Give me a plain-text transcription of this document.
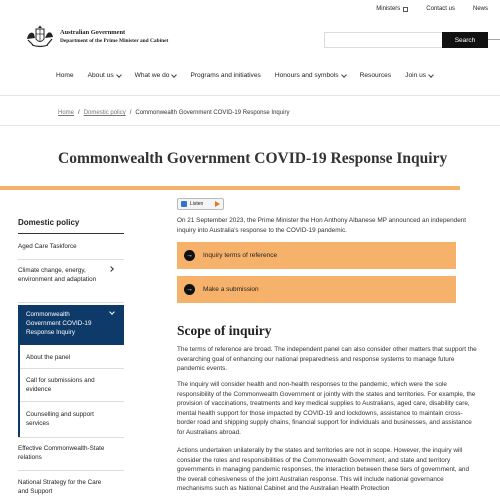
Ministers	Contact us	News
Australian Government
Department of the Prime Minister and Cabinet	Search
Home About us	What we do	Programs and initiatives Honours and symbols	Resources Join us
Home / Domestic policy / Commonwealth Government COVID-19 Response Inquiry
Commonwealth Government COVID-19 Response Inquiry
Domestic policy
Aged Care Taskforce
Climate change, energy, environment and adaptation
Commonwealth Government COVID-19 Response Inquiry
About the panel
Call for submissions and evidence
Counselling and support services
Effective Commonwealth-State relations
National Strategy for the Care and Support
Listen

On 21 September 2023, the Prime Minister the Hon Anthony Albanese MP announced an independent inquiry into Australia's response to the COVID-19 pandemic.

→	Inquiry terms of reference
→	Make a submission
Scope of inquiry

The terms of reference are broad. The independent panel can also consider other matters that support the overarching goal of enhancing our national preparedness and response systems to manage future pandemic events.

The inquiry will consider health and non-health responses to the pandemic, which were the sole responsibility of the Commonwealth Government or jointly with the states and territories. For example, the provision of vaccinations, treatments and key medical supplies to Australians, aged care, disability care, mental health support for those impacted by COVID-19 and lockdowns, assistance to maintain cross-border road and shipping supply chains, financial support for individuals and businesses, and assistance for Australians abroad.

Actions undertaken unilaterally by the states and territories are not in scope. However, the inquiry will consider the roles and responsibilities of the Commonwealth Government, and state and territory governments in managing pandemic responses, the interaction between these tiers of government, and the overall cohesiveness of the joint Australian response. This will include national governance mechanisms such as National Cabinet and the Australian Health Protection
